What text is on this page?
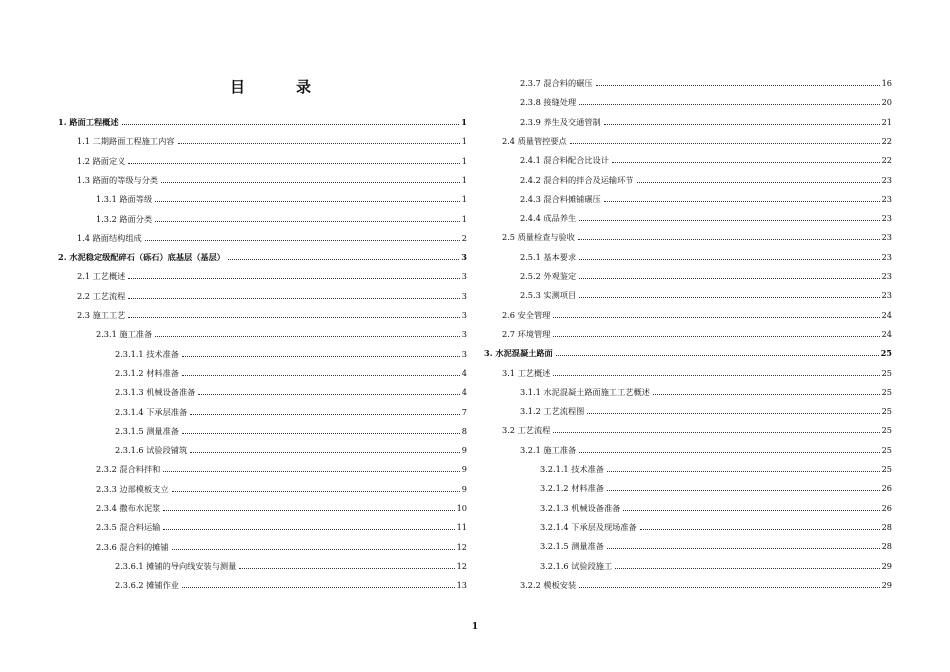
目　录
1. 路面工程概述	1
1.1 二期路面工程施工内容	1
1.2 路面定义	1
1.3 路面的等级与分类	1
1.3.1 路面等级	1
1.3.2 路面分类	1
1.4 路面结构组成	2
2. 水泥稳定级配碎石（砾石）底基层（基层）	3
2.1 工艺概述	3
2.2 工艺流程	3
2.3 施工工艺	3
2.3.1 施工准备	3
2.3.1.1 技术准备	3
2.3.1.2 材料准备	4
2.3.1.3 机械设备准备	4
2.3.1.4 下承层准备	7
2.3.1.5 测量准备	8
2.3.1.6 试验段铺筑	9
2.3.2 混合料拌和	9
2.3.3 边部模板支立	9
2.3.4 撒布水泥浆	10
2.3.5 混合料运输	11
2.3.6 混合料的摊铺	12
2.3.6.1 摊铺的导向线安装与测量	12
2.3.6.2 摊铺作业	13
2.3.7 混合料的碾压	16
2.3.8 接缝处理	20
2.3.9 养生及交通管制	21
2.4 质量管控要点	22
2.4.1 混合料配合比设计	22
2.4.2 混合料的拌合及运输环节	23
2.4.3 混合料摊铺碾压	23
2.4.4 成品养生	23
2.5 质量检查与验收	23
2.5.1 基本要求	23
2.5.2 外观鉴定	23
2.5.3 实测项目	23
2.6 安全管理	24
2.7 环境管理	24
3. 水泥混凝土路面	25
3.1 工艺概述	25
3.1.1 水泥混凝土路面施工工艺概述	25
3.1.2 工艺流程图	25
3.2 工艺流程	25
3.2.1 施工准备	25
3.2.1.1 技术准备	25
3.2.1.2 材料准备	26
3.2.1.3 机械设备准备	26
3.2.1.4 下承层及现场准备	28
3.2.1.5 测量准备	28
3.2.1.6 试验段施工	29
3.2.2 模板安装	29
1
